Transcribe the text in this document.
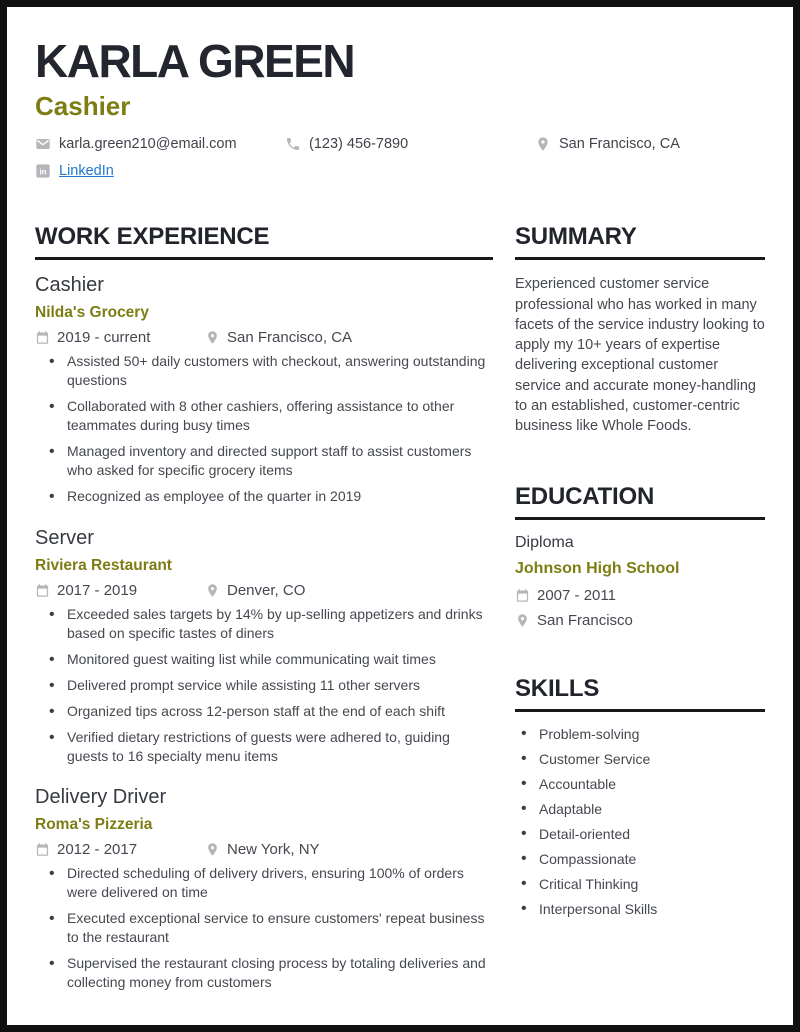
KARLA GREEN
Cashier
karla.green210@email.com	(123) 456-7890	San Francisco, CA
in LinkedIn
WORK EXPERIENCE
Cashier
Nilda's Grocery
2019 - current	San Francisco, CA
• Assisted 50+ daily customers with checkout, answering outstanding questions
• Collaborated with 8 other cashiers, offering assistance to other teammates during busy times
• Managed inventory and directed support staff to assist customers who asked for specific grocery items
• Recognized as employee of the quarter in 2019
Server
Riviera Restaurant
2017 - 2019	Denver, CO
• Exceeded sales targets by 14% by up-selling appetizers and drinks based on specific tastes of diners
• Monitored guest waiting list while communicating wait times
• Delivered prompt service while assisting 11 other servers
• Organized tips across 12-person staff at the end of each shift
• Verified dietary restrictions of guests were adhered to, guiding guests to 16 specialty menu items
Delivery Driver
Roma's Pizzeria
2012 - 2017	New York, NY
• Directed scheduling of delivery drivers, ensuring 100% of orders were delivered on time
• Executed exceptional service to ensure customers' repeat business to the restaurant
• Supervised the restaurant closing process by totaling deliveries and collecting money from customers
SUMMARY

Experienced customer service professional who has worked in many facets of the service industry looking to apply my 10+ years of expertise delivering exceptional customer service and accurate money-handling to an established, customer-centric business like Whole Foods.

EDUCATION
Diploma
Johnson High School
2007 - 2011
San Francisco
SKILLS
• Problem-solving
• Customer Service
• Accountable
• Adaptable
• Detail-oriented
• Compassionate
• Critical Thinking
• Interpersonal Skills
